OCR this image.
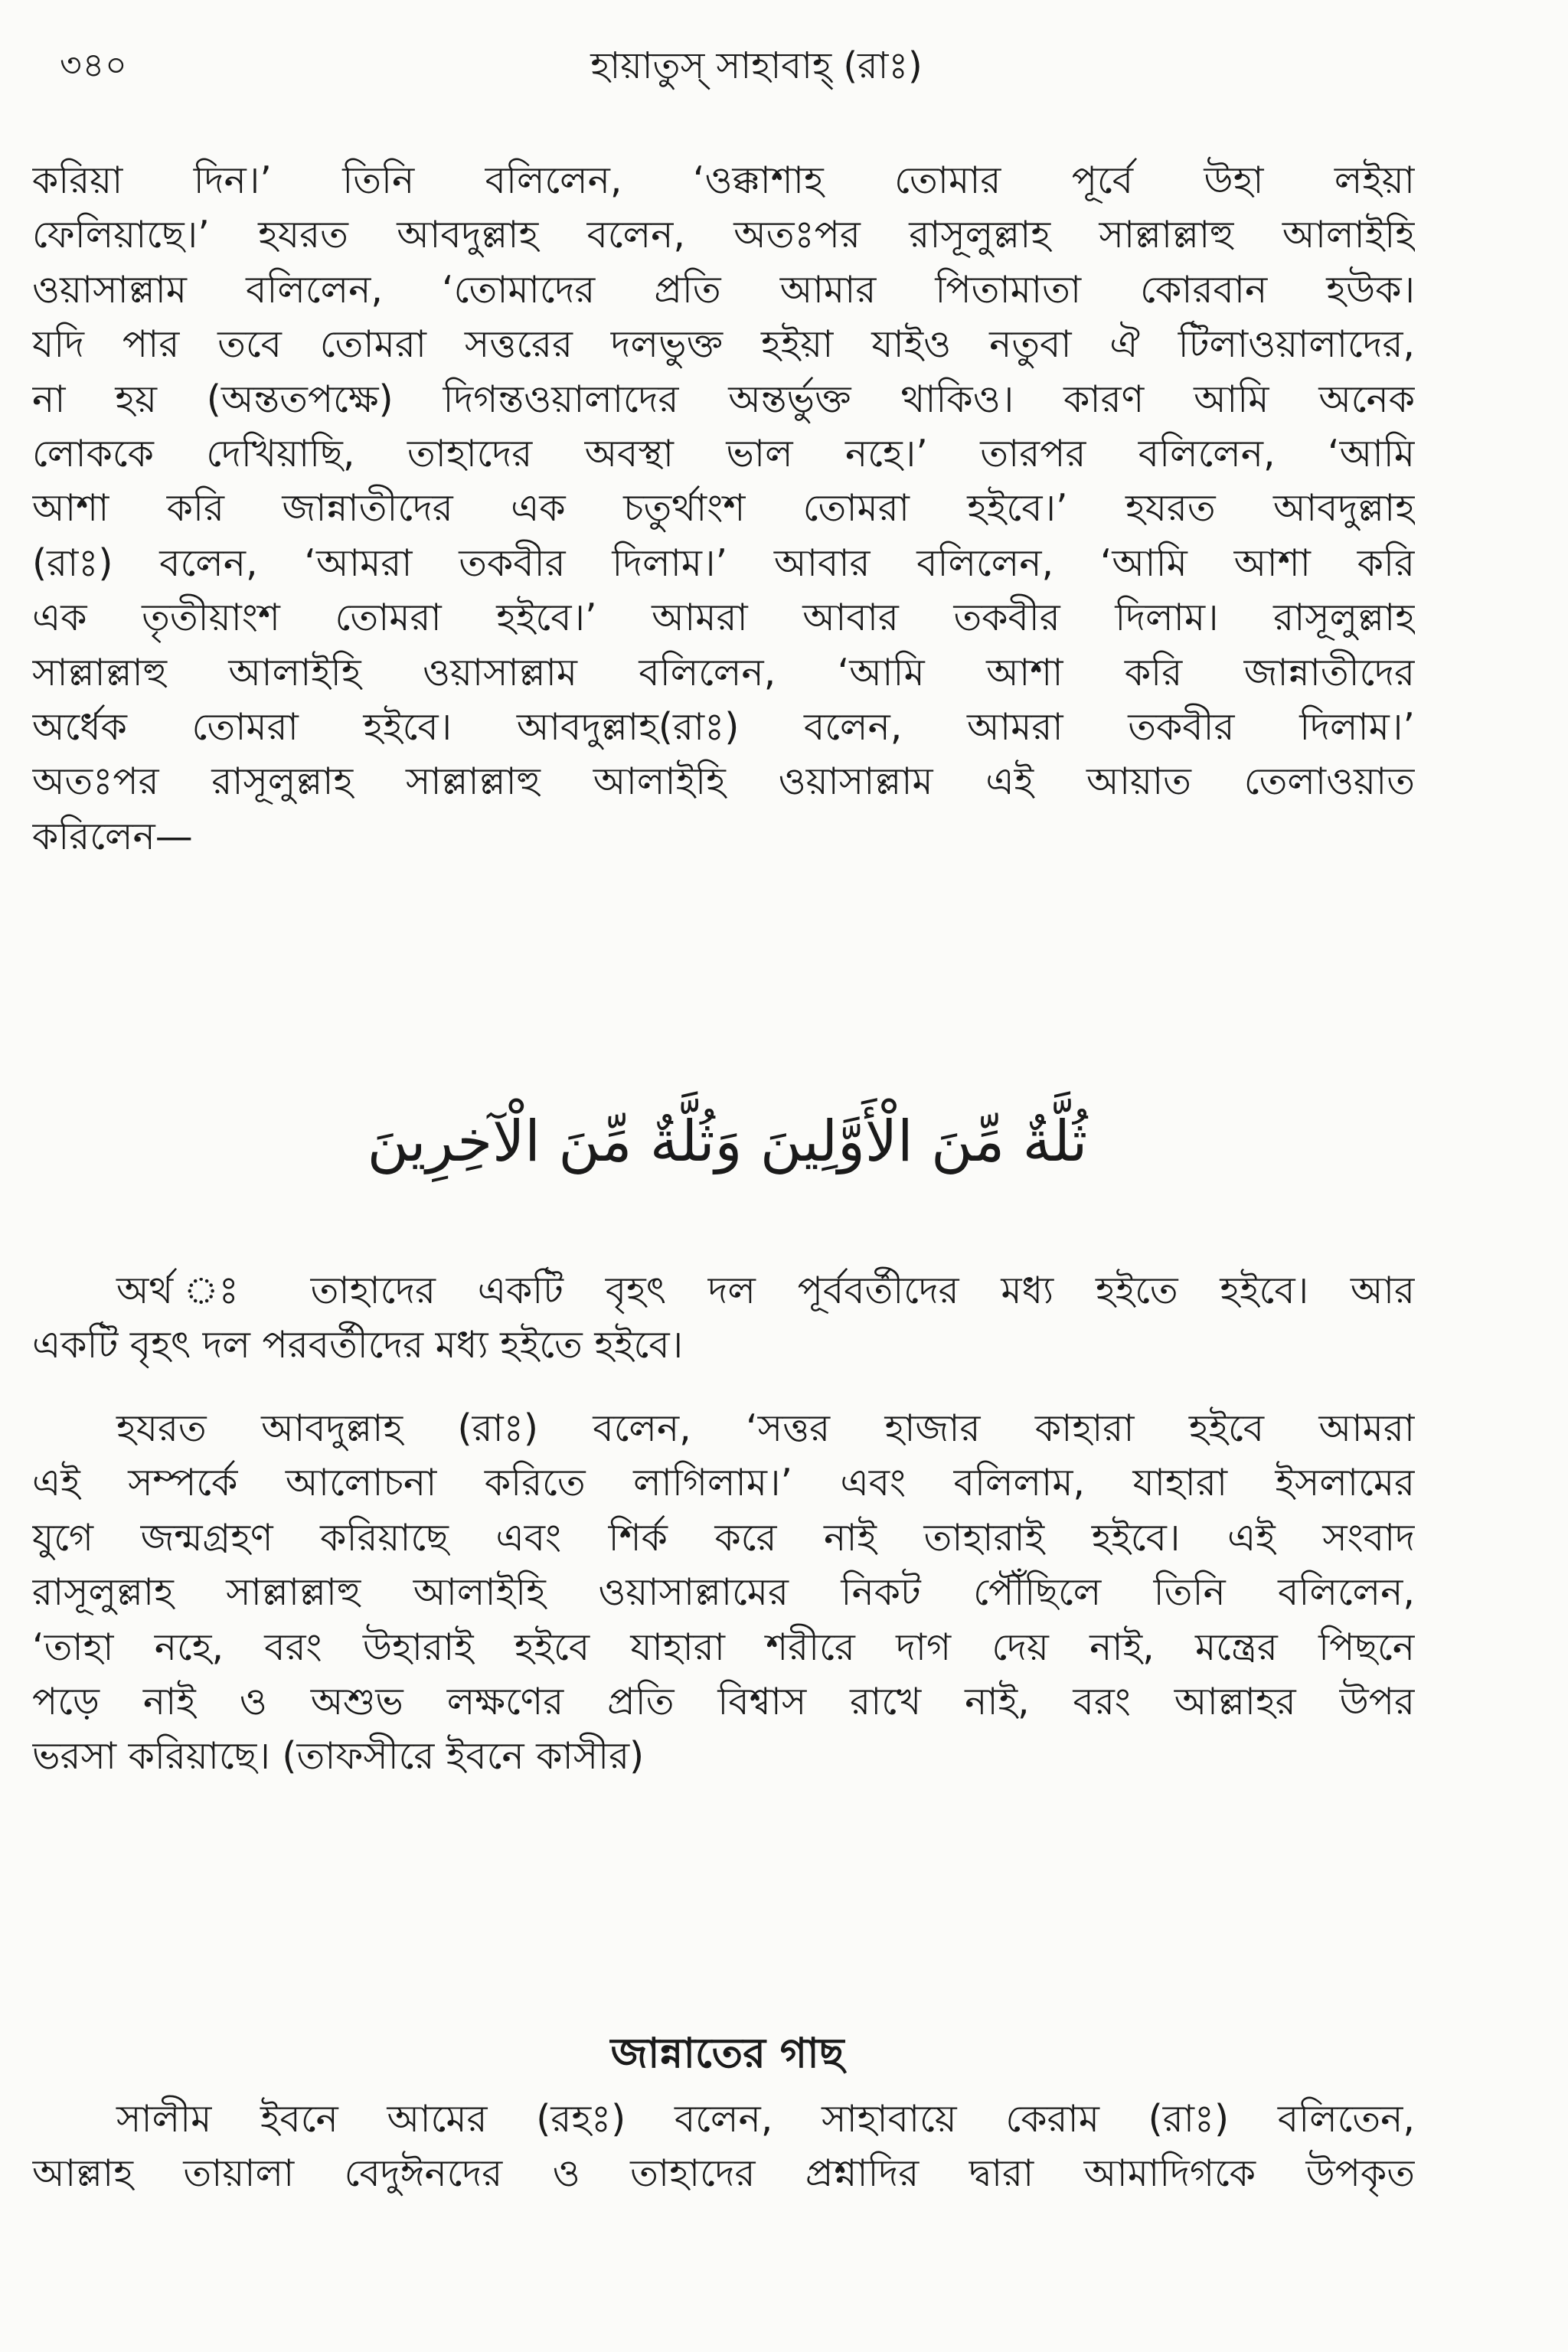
৩৪০	হায়াতুস্ সাহাবাহ্ (রাঃ)
করিয়া দিন।’ তিনি বলিলেন, ‘ওক্কাশাহ তোমার পূর্বে উহা লইয়া
ফেলিয়াছে।’ হযরত আবদুল্লাহ বলেন, অতঃপর রাসূলুল্লাহ সাল্লাল্লাহু আলাইহি
ওয়াসাল্লাম বলিলেন, ‘তোমাদের প্রতি আমার পিতামাতা কোরবান হউক।
যদি পার তবে তোমরা সত্তরের দলভুক্ত হইয়া যাইও নতুবা ঐ টিলাওয়ালাদের,
না হয় (অন্ততপক্ষে) দিগন্তওয়ালাদের অন্তর্ভুক্ত থাকিও। কারণ আমি অনেক
লোককে দেখিয়াছি, তাহাদের অবস্থা ভাল নহে।’ তারপর বলিলেন, ‘আমি
আশা করি জান্নাতীদের এক চতুর্থাংশ তোমরা হইবে।’ হযরত আবদুল্লাহ
(রাঃ) বলেন, ‘আমরা তকবীর দিলাম।’ আবার বলিলেন, ‘আমি আশা করি
এক তৃতীয়াংশ তোমরা হইবে।’ আমরা আবার তকবীর দিলাম। রাসূলুল্লাহ
সাল্লাল্লাহু আলাইহি ওয়াসাল্লাম বলিলেন, ‘আমি আশা করি জান্নাতীদের
অর্ধেক তোমরা হইবে। আবদুল্লাহ(রাঃ) বলেন, আমরা তকবীর দিলাম।’
অতঃপর রাসূলুল্লাহ সাল্লাল্লাহু আলাইহি ওয়াসাল্লাম এই আয়াত তেলাওয়াত
করিলেন—
ثُلَّةٌ مِّنَ الْأَوَّلِينَ وَثُلَّةٌ مِّنَ الْآخِرِينَ
অর্থ ঃ তাহাদের একটি বৃহৎ দল পূর্ববর্তীদের মধ্য হইতে হইবে। আর
একটি বৃহৎ দল পরবর্তীদের মধ্য হইতে হইবে।
হযরত আবদুল্লাহ (রাঃ) বলেন, ‘সত্তর হাজার কাহারা হইবে আমরা
এই সম্পর্কে আলোচনা করিতে লাগিলাম।’ এবং বলিলাম, যাহারা ইসলামের
যুগে জন্মগ্রহণ করিয়াছে এবং শির্ক করে নাই তাহারাই হইবে। এই সংবাদ
রাসূলুল্লাহ সাল্লাল্লাহু আলাইহি ওয়াসাল্লামের নিকট পৌঁছিলে তিনি বলিলেন,
‘তাহা নহে, বরং উহারাই হইবে যাহারা শরীরে দাগ দেয় নাই, মন্ত্রের পিছনে
পড়ে নাই ও অশুভ লক্ষণের প্রতি বিশ্বাস রাখে নাই, বরং আল্লাহর উপর
ভরসা করিয়াছে। (তাফসীরে ইবনে কাসীর)
জান্নাতের গাছ
সালীম ইবনে আমের (রহঃ) বলেন, সাহাবায়ে কেরাম (রাঃ) বলিতেন,
আল্লাহ তায়ালা বেদুঈনদের ও তাহাদের প্রশ্নাদির দ্বারা আমাদিগকে উপকৃত
